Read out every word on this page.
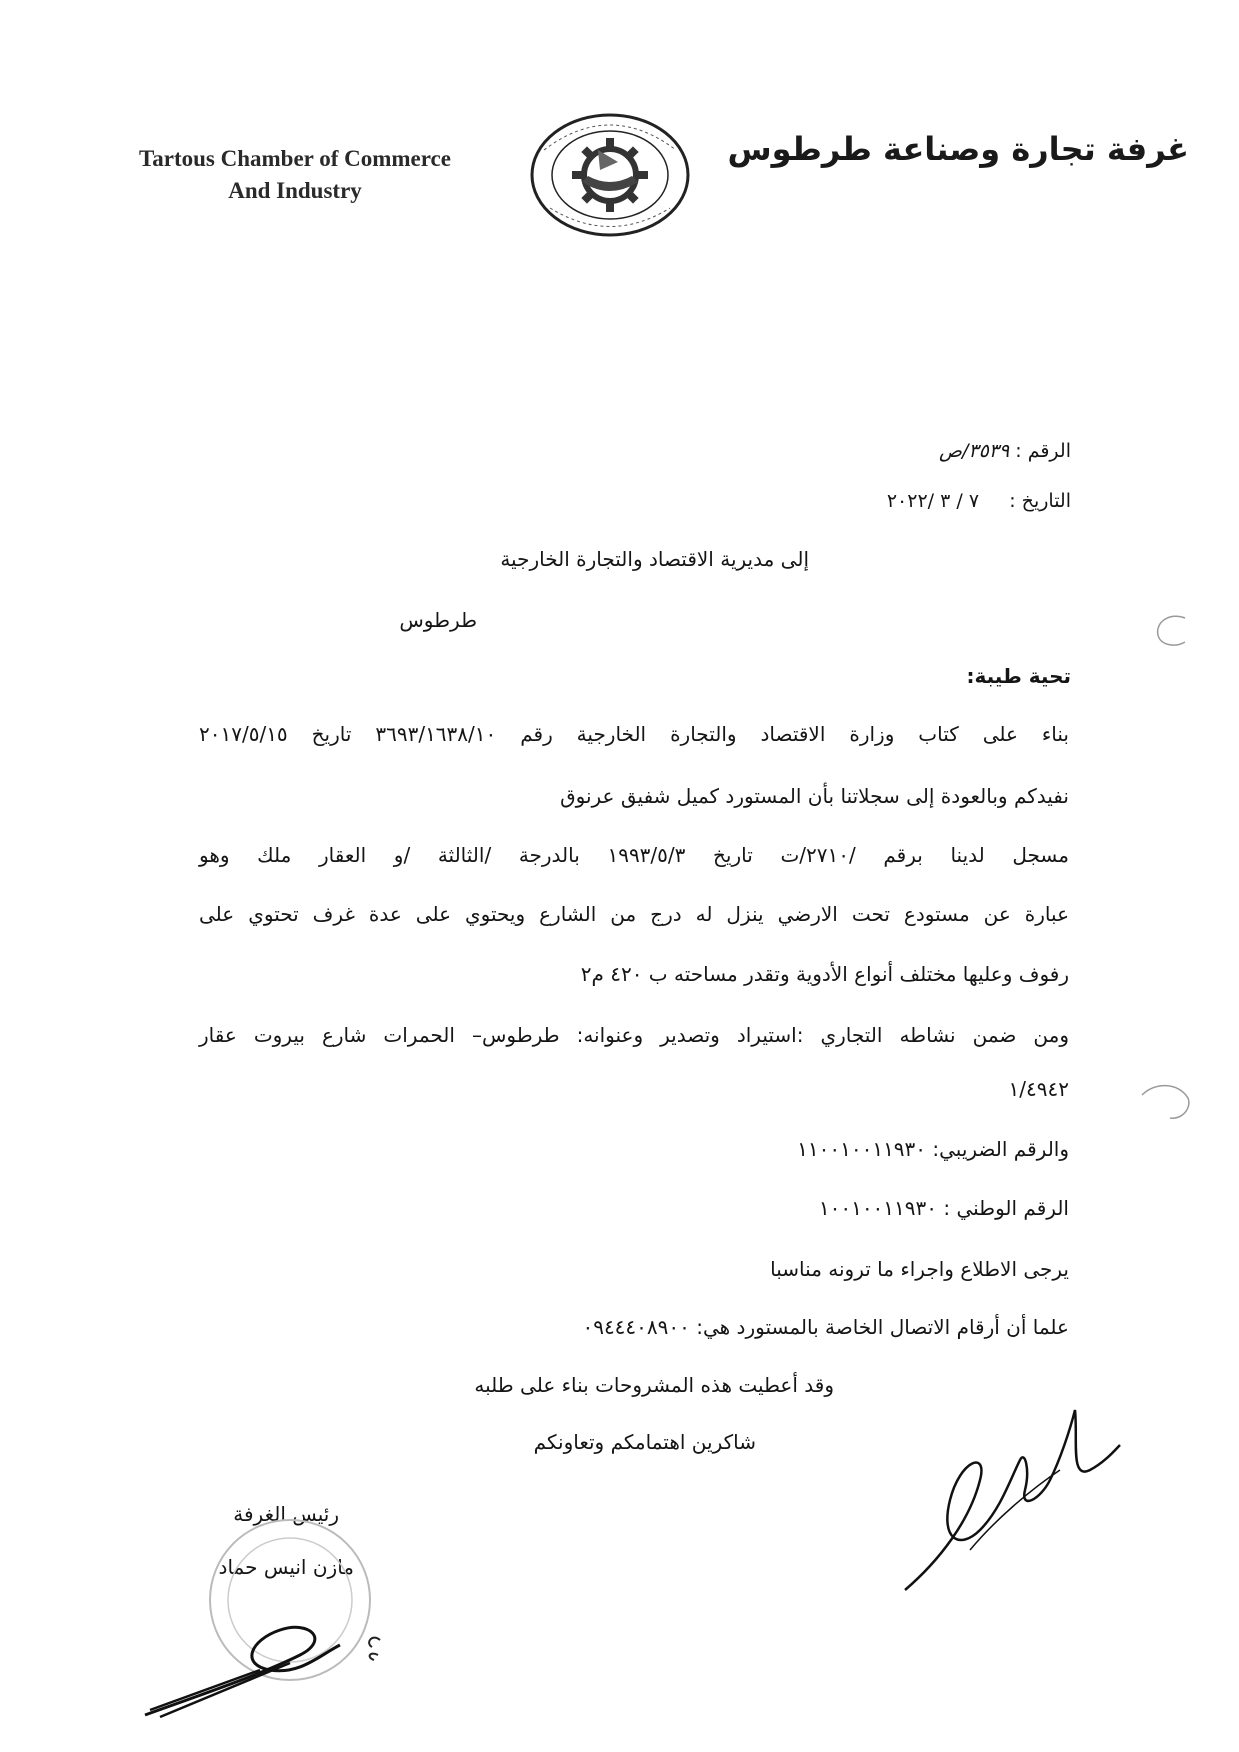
Tartous Chamber of Commerce
And Industry
غرفة تجارة وصناعة طرطوس
الرقم : ٣٥٣٩/ص
التاريخ :     ٧ / ٣ /٢٠٢٢
إلى مديرية الاقتصاد والتجارة الخارجية
طرطوس
تحية طيبة:
بناء على كتاب وزارة الاقتصاد والتجارة الخارجية رقم ٣٦٩٣/١٦٣٨/١٠ تاريخ ٢٠١٧/٥/١٥
نفيدكم وبالعودة إلى سجلاتنا بأن المستورد كميل شفيق عرنوق
مسجل لدينا برقم /٢٧١٠/ت تاريخ ١٩٩٣/٥/٣ بالدرجة /الثالثة /و العقار ملك وهو
عبارة عن مستودع تحت الارضي ينزل له درج من الشارع ويحتوي على عدة غرف تحتوي على
رفوف وعليها مختلف أنواع الأدوية وتقدر مساحته ب ٤٢٠ م٢
ومن ضمن نشاطه التجاري :استيراد وتصدير وعنوانه: طرطوس– الحمرات شارع بيروت عقار
١/٤٩٤٢
والرقم الضريبي: ١١٠٠١٠٠١١٩٣٠
الرقم الوطني : ١٠٠١٠٠١١٩٣٠
يرجى الاطلاع واجراء ما ترونه مناسبا
علما أن أرقام الاتصال الخاصة بالمستورد هي: ٠٩٤٤٤٠٨٩٠٠
وقد أعطيت هذه المشروحات بناء على طلبه
شاكرين اهتمامكم وتعاونكم
رئيس الغرفة
مازن انيس حماد
